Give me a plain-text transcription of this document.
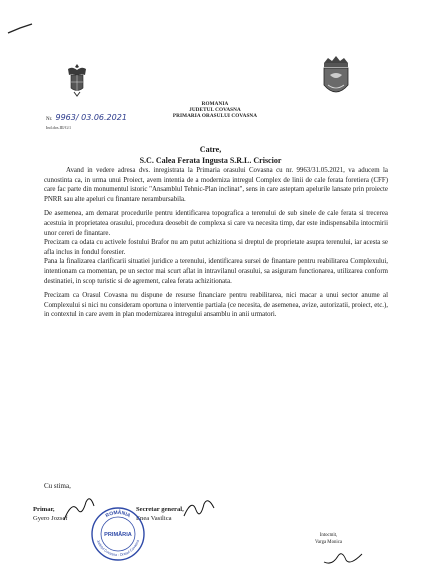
ROMANIA
JUDETUL COVASNA
PRIMARIA ORASULUI COVASNA
Nr. 9963/ 03.06.2021
Ind.dos.III/G/1
Catre,
S.C. Calea Ferata Ingusta S.R.L. Criscior

Avand in vedere adresa dvs. inregistrata la Primaria orasului Covasna cu nr. 9963/31.05.2021, va aducem la cunostinta ca, in urma unui Proiect, avem intentia de a moderniza intregul Complex de linii de cale ferata foretiera (CFF) care fac parte din monumentul istoric "Ansamblul Tehnic-Plan inclinat", sens in care asteptam apelurile lansate prin proiecte PNRR sau alte apeluri cu finantare nerambursabila.

De asemenea, am demarat procedurile pentru identificarea topografica a terenului de sub sinele de cale ferata si trecerea acestuia in proprietatea orasului, procedura deosebit de complexa si care va necesita timp, dar este indispensabila intocmirii unor cereri de finantare.

Precizam ca odata cu activele fostului Brafor nu am putut achizitiona si dreptul de proprietate asupra terenului, iar acesta se afla inclus in fondul forestier.

Pana la finalizarea clarificarii situatiei juridice a terenului, identificarea sursei de finantare pentru reabilitarea Complexului, intentionam ca momentan, pe un sector mai scurt aflat in intravilanul orasului, sa asiguram functionarea, utilizarea conform destinatiei, in scop turistic si de agrement, calea ferata achizitionata.

Precizam ca Orasul Covasna nu dispune de resurse financiare pentru reabilitarea, nici macar a unui sector anume al Complexului si nici nu consideram oportuna o interventie partiala (ce necesita, de asemenea, avize, autorizatii, proiect, etc.), in contextul in care avem in plan modernizarea intregului ansamblu in anii urmatori.

Cu stima,
Primar,
Gyero Jozsef
Secretar general,
Enea Vasilica
ROMÂNIA
Județul Covasna - Orașul Covasna
PRIMĂRIA	Intocmit,
Varga Monica
